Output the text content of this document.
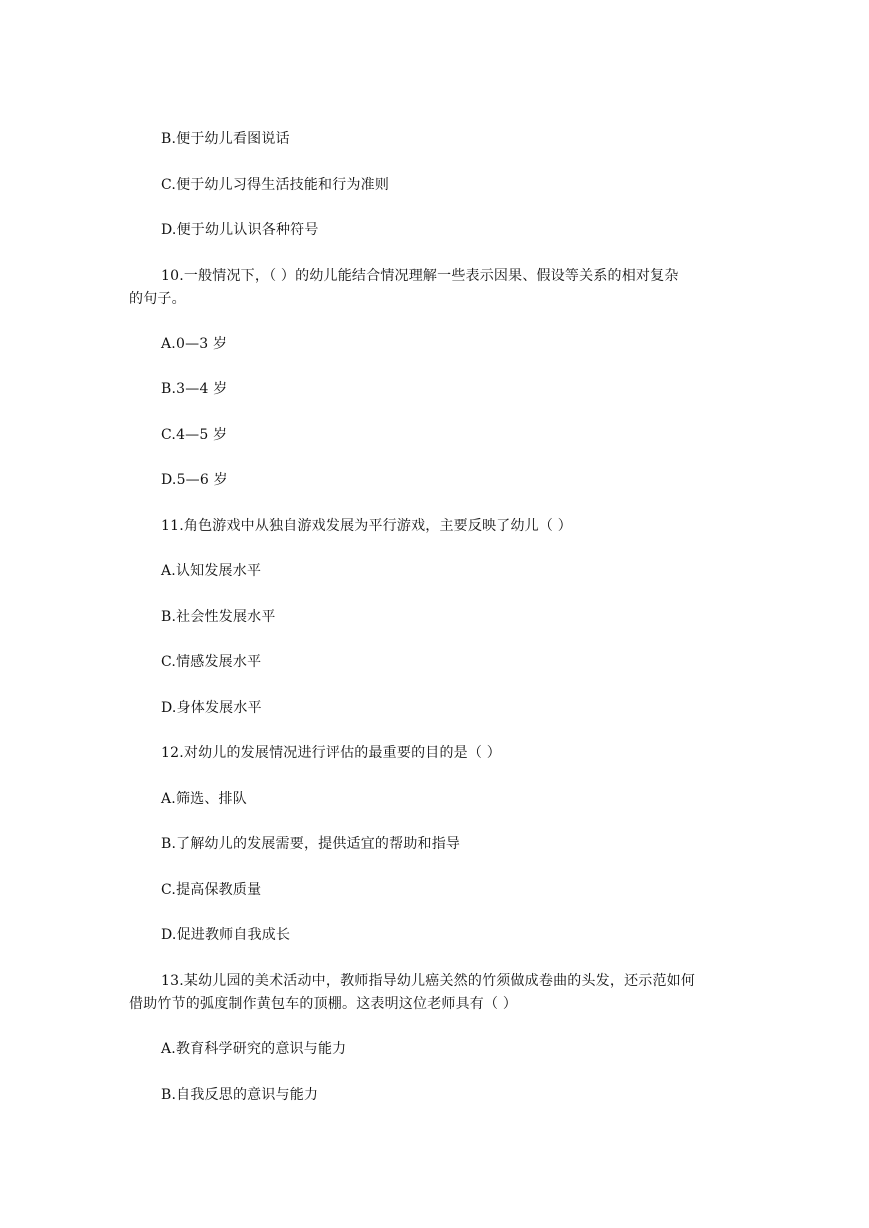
B.便于幼儿看图说话
C.便于幼儿习得生活技能和行为准则
D.便于幼儿认识各种符号
10.一般情况下，（ ）的幼儿能结合情况理解一些表示因果、假设等关系的相对复杂
的句子。
A.0—3 岁
B.3—4 岁
C.4—5 岁
D.5—6 岁
11.角色游戏中从独自游戏发展为平行游戏，主要反映了幼儿（ ）
A.认知发展水平
B.社会性发展水平
C.情感发展水平
D.身体发展水平
12.对幼儿的发展情况进行评估的最重要的目的是（ ）
A.筛选、排队
B.了解幼儿的发展需要，提供适宜的帮助和指导
C.提高保教质量
D.促进教师自我成长
13.某幼儿园的美术活动中，教师指导幼儿癌关然的竹须做成卷曲的头发，还示范如何
借助竹节的弧度制作黄包车的顶棚。这表明这位老师具有（ ）
A.教育科学研究的意识与能力
B.自我反思的意识与能力
